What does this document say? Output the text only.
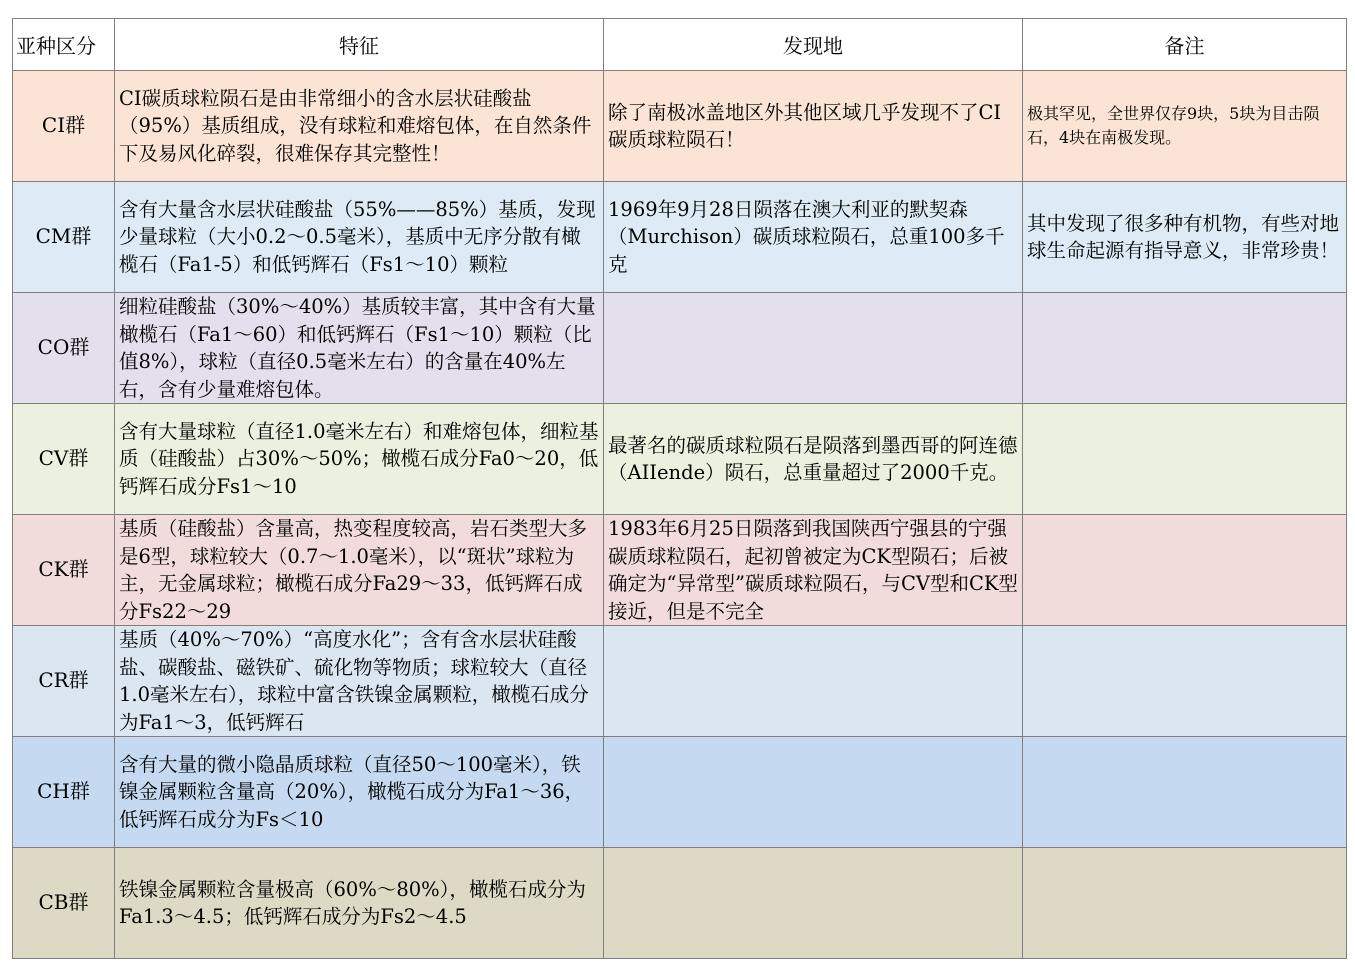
亚种区分	特征	发现地	备注
CI群	CI碳质球粒陨石是由非常细小的含水层状硅酸盐（95%）基质组成，没有球粒和难熔包体，在自然条件下及易风化碎裂，很难保存其完整性！	除了南极冰盖地区外其他区域几乎发现不了CI碳质球粒陨石！	极其罕见，全世界仅存9块，5块为目击陨石，4块在南极发现。

CM群	含有大量含水层状硅酸盐（55%——85%）基质，发现少量球粒（大小0.2～0.5毫米），基质中无序分散有橄榄石（Fa1-5）和低钙辉石（Fs1～10）颗粒	1969年9月28日陨落在澳大利亚的默契森（Murchison）碳质球粒陨石，总重100多千克	其中发现了很多种有机物，有些对地球生命起源有指导意义，非常珍贵！

CO群	细粒硅酸盐（30%～40%）基质较丰富，其中含有大量橄榄石（Fa1～60）和低钙辉石（Fs1～10）颗粒（比值8%），球粒（直径0.5毫米左右）的含量在40%左右，含有少量难熔包体。		

CV群	含有大量球粒（直径1.0毫米左右）和难熔包体，细粒基质（硅酸盐）占30%～50%；橄榄石成分Fa0～20，低钙辉石成分Fs1～10	最著名的碳质球粒陨石是陨落到墨西哥的阿连德（AIIende）陨石，总重量超过了2000千克。	

CK群	基质（硅酸盐）含量高，热变程度较高，岩石类型大多是6型，球粒较大（0.7～1.0毫米），以“斑状”球粒为主，无金属球粒；橄榄石成分Fa29～33，低钙辉石成分Fs22～29	1983年6月25日陨落到我国陕西宁强县的宁强碳质球粒陨石，起初曾被定为CK型陨石；后被确定为“异常型”碳质球粒陨石，与CV型和CK型接近，但是不完全	

CR群	基质（40%～70%）“高度水化”；含有含水层状硅酸盐、碳酸盐、磁铁矿、硫化物等物质；球粒较大（直径1.0毫米左右），球粒中富含铁镍金属颗粒，橄榄石成分为Fa1～3，低钙辉石		

CH群	含有大量的微小隐晶质球粒（直径50～100毫米），铁镍金属颗粒含量高（20%），橄榄石成分为Fa1～36，低钙辉石成分为Fs＜10		

CB群	铁镍金属颗粒含量极高（60%～80%），橄榄石成分为Fa1.3～4.5；低钙辉石成分为Fs2～4.5		
